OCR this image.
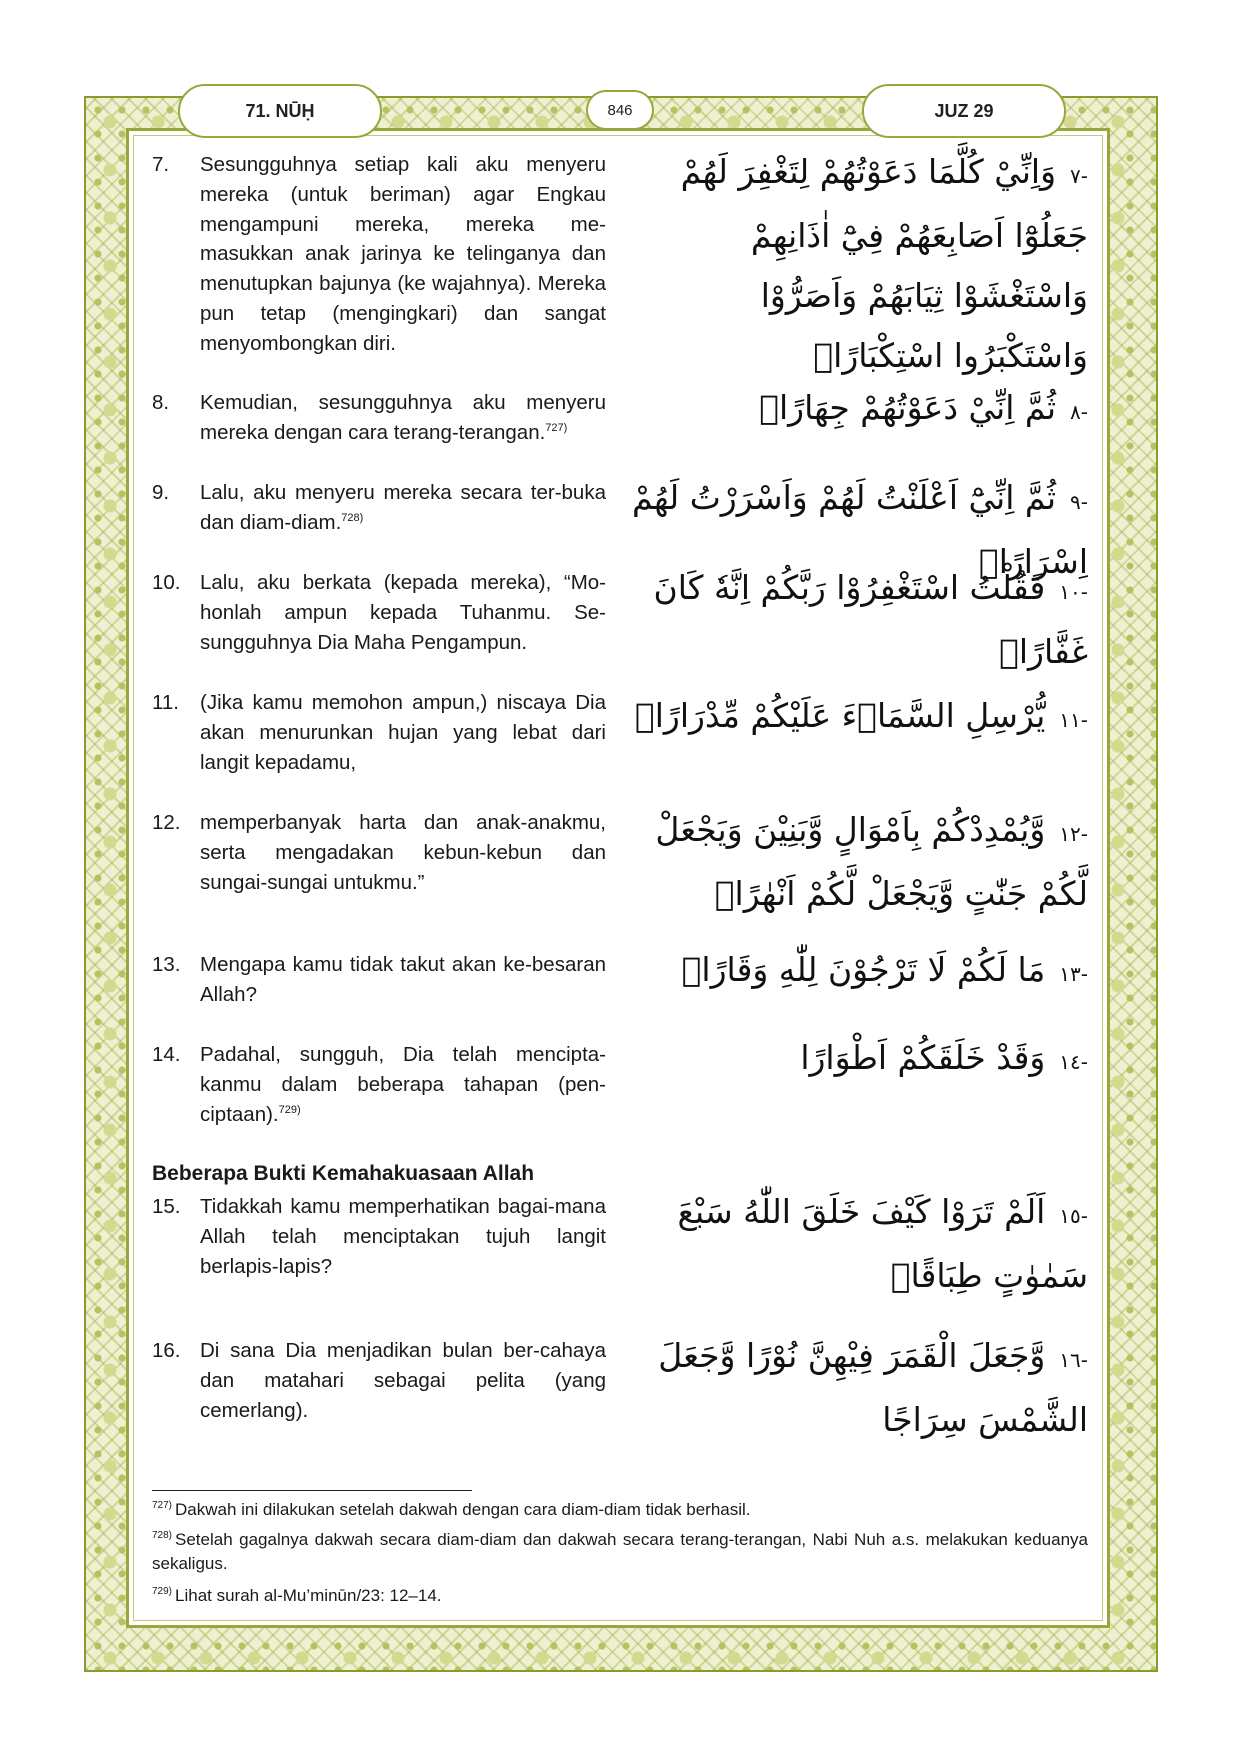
71. NŪḤ	846	JUZ 29
7. Sesungguhnya setiap kali aku menyeru mereka (untuk beriman) agar Engkau mengampuni mereka, mereka me-masukkan anak jarinya ke telinganya dan menutupkan bajunya (ke wajahnya). Mereka pun tetap (mengingkari) dan sangat menyombongkan diri.
-٧وَاِنِّيْ كُلَّمَا دَعَوْتُهُمْ لِتَغْفِرَ لَهُمْ جَعَلُوْٓا اَصَابِعَهُمْ فِيْٓ اٰذَانِهِمْ وَاسْتَغْشَوْا ثِيَابَهُمْ وَاَصَرُّوْا وَاسْتَكْبَرُوا اسْتِكْبَارًاۚ
8. Kemudian, sesungguhnya aku menyeru mereka dengan cara terang-terangan.$^{727)}$
-٨ثُمَّ اِنِّيْ دَعَوْتُهُمْ جِهَارًاۙ
9. Lalu, aku menyeru mereka secara ter-buka dan diam-diam.$^{728)}$
-٩ثُمَّ اِنِّيْٓ اَعْلَنْتُ لَهُمْ وَاَسْرَرْتُ لَهُمْ اِسْرَارًاۙ
10. Lalu, aku berkata (kepada mereka), “Mo-honlah ampun kepada Tuhanmu. Se-sungguhnya Dia Maha Pengampun.
-١٠فَقُلْتُ اسْتَغْفِرُوْا رَبَّكُمْ اِنَّهٗ كَانَ غَفَّارًاۙ
11. (Jika kamu memohon ampun,) niscaya Dia akan menurunkan hujan yang lebat dari langit kepadamu,
-١١يُّرْسِلِ السَّمَاۤءَ عَلَيْكُمْ مِّدْرَارًاۙ
12. memperbanyak harta dan anak-anakmu, serta mengadakan kebun-kebun dan sungai-sungai untukmu.”
-١٢وَّيُمْدِدْكُمْ بِاَمْوَالٍ وَّبَنِيْنَ وَيَجْعَلْ لَّكُمْ جَنّٰتٍ وَّيَجْعَلْ لَّكُمْ اَنْهٰرًاۗ
13. Mengapa kamu tidak takut akan ke-besaran Allah?
-١٣مَا لَكُمْ لَا تَرْجُوْنَ لِلّٰهِ وَقَارًاۚ
14. Padahal, sungguh, Dia telah mencipta-kanmu dalam beberapa tahapan (pen-ciptaan).$^{729)}$
-١٤وَقَدْ خَلَقَكُمْ اَطْوَارًا
Beberapa Bukti Kemahakuasaan Allah
15. Tidakkah kamu memperhatikan bagai-mana Allah telah menciptakan tujuh langit berlapis-lapis?
-١٥اَلَمْ تَرَوْا كَيْفَ خَلَقَ اللّٰهُ سَبْعَ سَمٰوٰتٍ طِبَاقًاۙ
16. Di sana Dia menjadikan bulan ber-cahaya dan matahari sebagai pelita (yang cemerlang).
-١٦وَّجَعَلَ الْقَمَرَ فِيْهِنَّ نُوْرًا وَّجَعَلَ الشَّمْسَ سِرَاجًا
$^{727)}$ Dakwah ini dilakukan setelah dakwah dengan cara diam-diam tidak berhasil.
$^{728)}$ Setelah gagalnya dakwah secara diam-diam dan dakwah secara terang-terangan, Nabi Nuh a.s. melakukan keduanya sekaligus.
$^{729)}$ Lihat surah al-Mu’minūn/23: 12–14.
